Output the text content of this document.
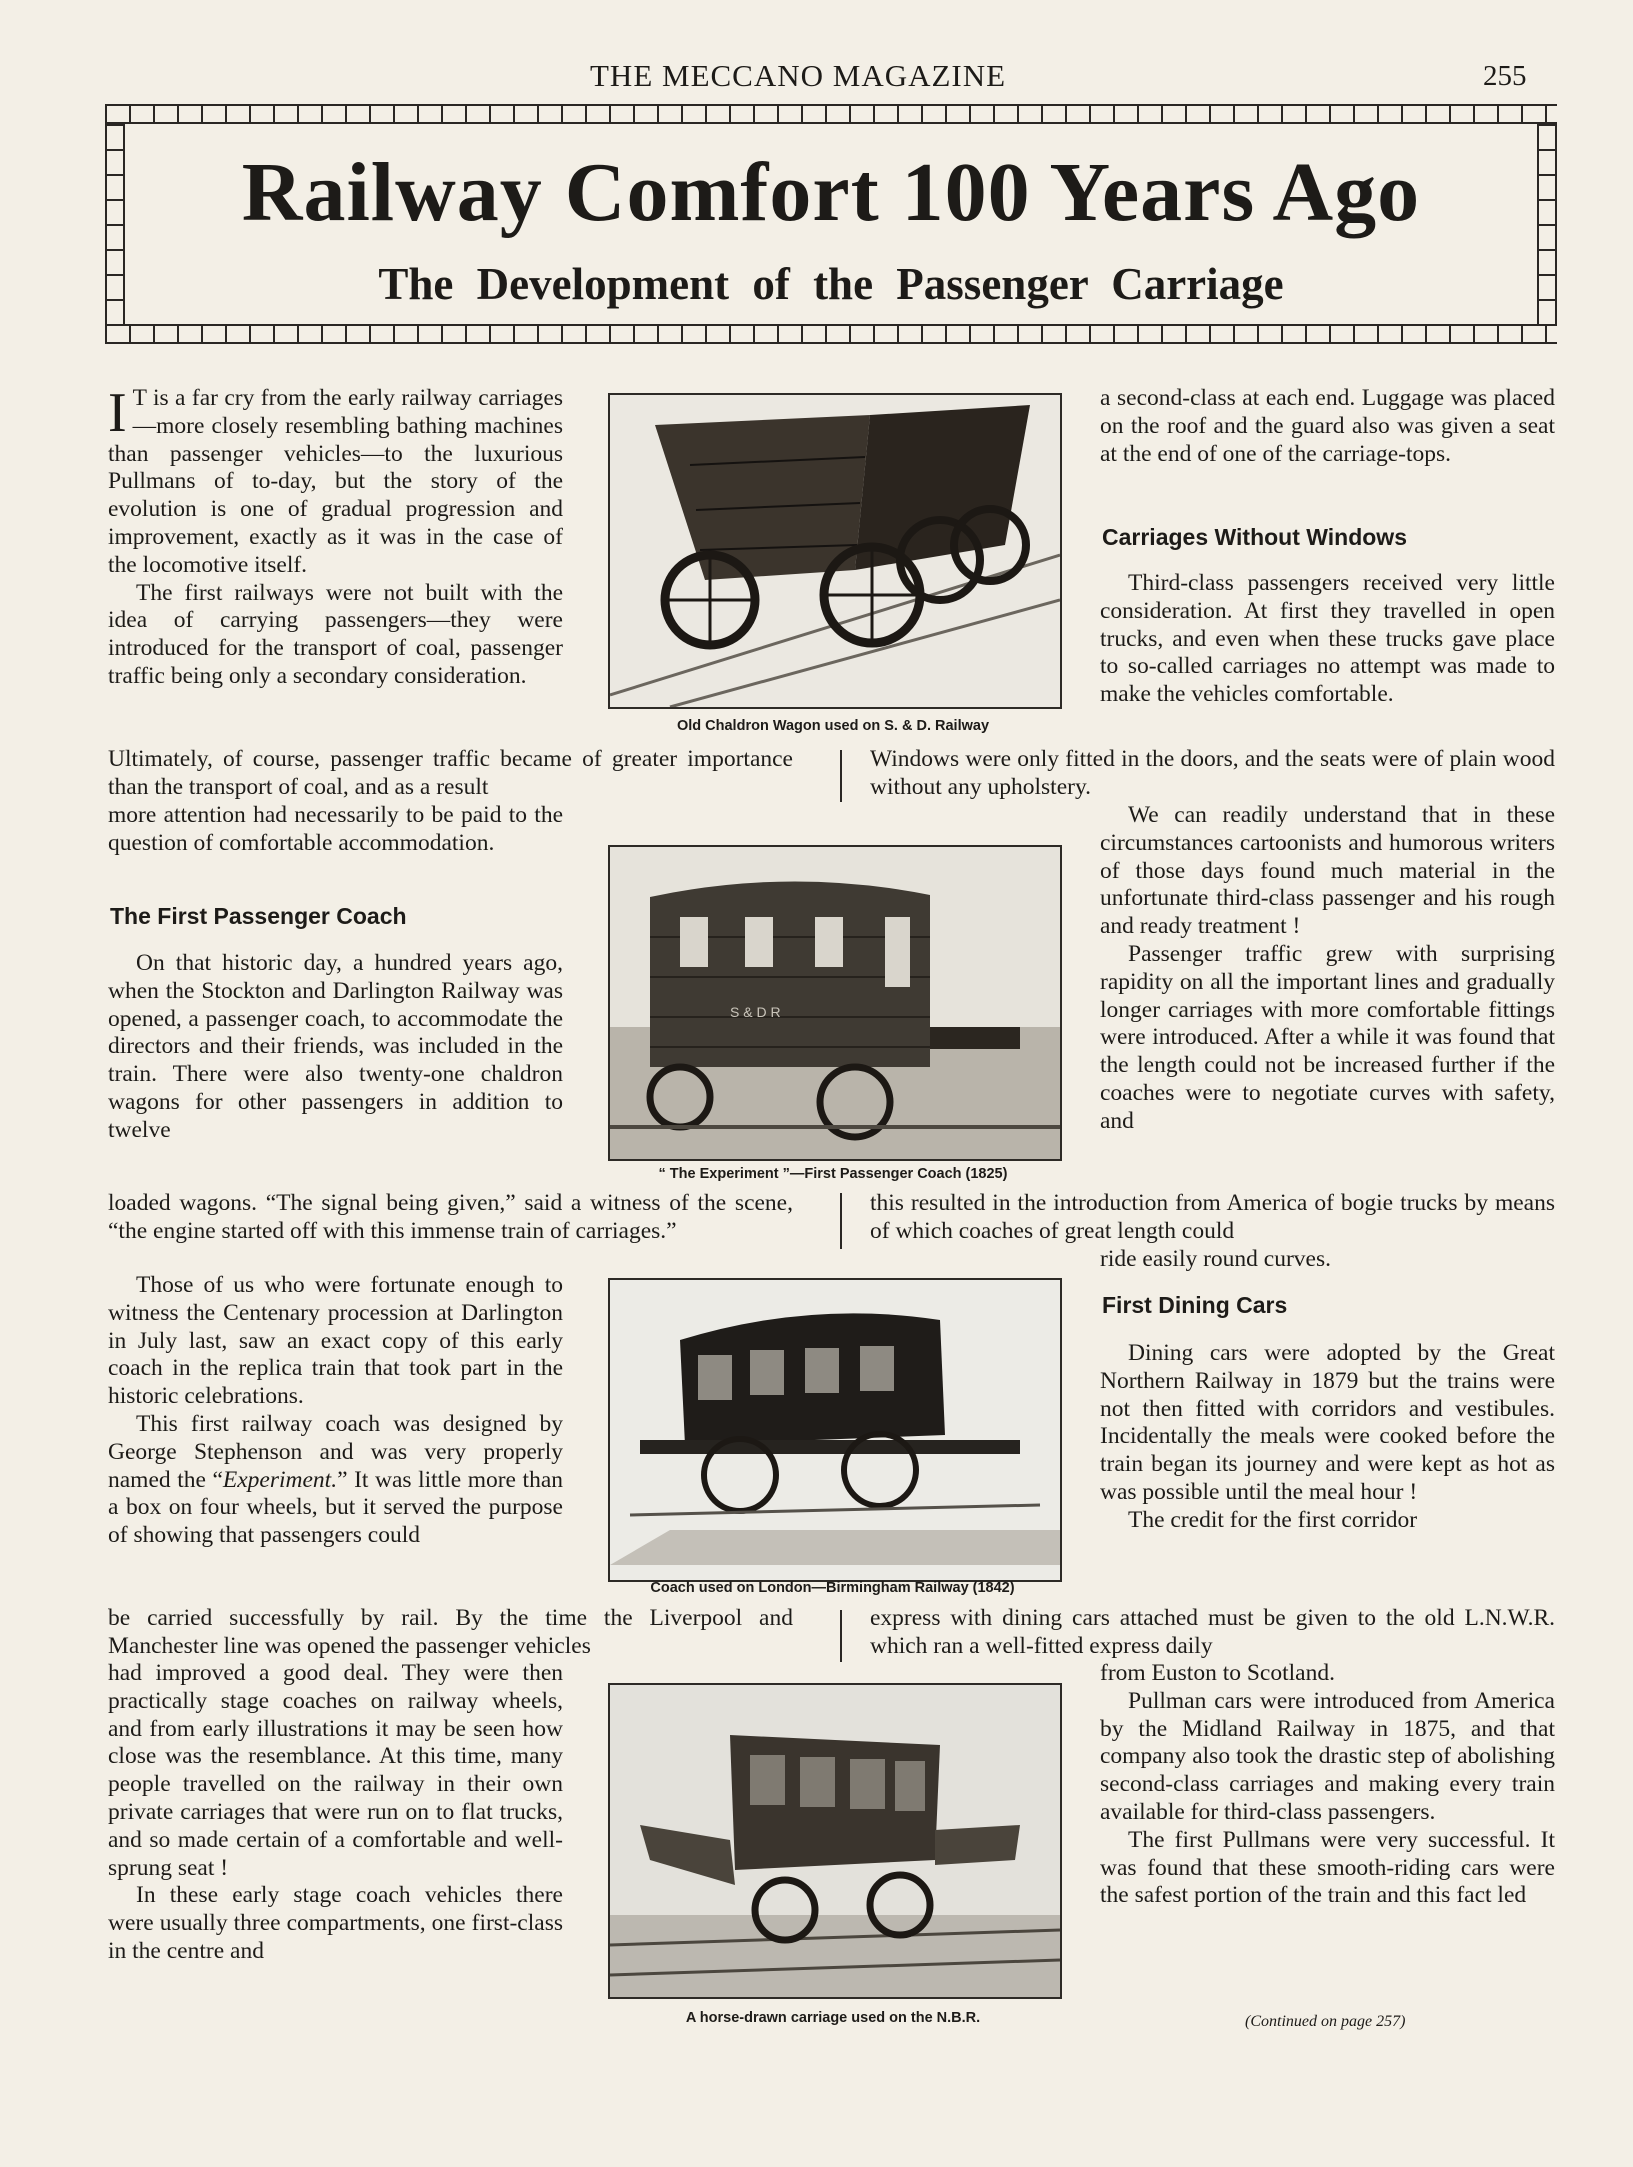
THE MECCANO MAGAZINE	255
Railway Comfort 100 Years Ago
The Development of the Passenger Carriage

I T is a far cry from the early railway carriages—more closely resembling bathing machines than passenger vehicles—to the luxurious Pullmans of to-day, but the story of the evolution is one of gradual progression and improvement, exactly as it was in the case of the locomotive itself.

The first railways were not built with the idea of carrying passengers—they were introduced for the transport of coal, passenger traffic being only a secondary consideration.

Ultimately, of course, passenger traffic became of greater importance than the transport of coal, and as a result

more attention had necessarily to be paid to the question of comfortable accommodation.

The First Passenger Coach

On that historic day, a hundred years ago, when the Stockton and Darlington Railway was opened, a passenger coach, to accommodate the directors and their friends, was included in the train. There were also twenty-one chaldron wagons for other passengers in addition to twelve

loaded wagons. “The signal being given,” said a witness of the scene, “the engine started off with this immense train of carriages.”

Those of us who were fortunate enough to witness the Centenary procession at Darlington in July last, saw an exact copy of this early coach in the replica train that took part in the historic celebrations.

This first railway coach was designed by George Stephenson and was very properly named the “Experiment.” It was little more than a box on four wheels, but it served the purpose of showing that passengers could

be carried successfully by rail. By the time the Liverpool and Manchester line was opened the passenger vehicles

had improved a good deal. They were then practically stage coaches on railway wheels, and from early illustrations it may be seen how close was the resemblance. At this time, many people travelled on the railway in their own private carriages that were run on to flat trucks, and so made certain of a comfortable and well-sprung seat !

In these early stage coach vehicles there were usually three compartments, one first-class in the centre and

a second-class at each end. Luggage was placed on the roof and the guard also was given a seat at the end of one of the carriage-tops.

Carriages Without Windows

Third-class passengers received very little consideration. At first they travelled in open trucks, and even when these trucks gave place to so-called carriages no attempt was made to make the vehicles comfortable.

Windows were only fitted in the doors, and the seats were of plain wood without any upholstery.

We can readily understand that in these circumstances cartoonists and humorous writers of those days found much material in the unfortunate third-class passenger and his rough and ready treatment !

Passenger traffic grew with surprising rapidity on all the important lines and gradually longer carriages with more comfortable fittings were introduced. After a while it was found that the length could not be increased further if the coaches were to negotiate curves with safety, and

this resulted in the introduction from America of bogie trucks by means of which coaches of great length could

ride easily round curves.

First Dining Cars

Dining cars were adopted by the Great Northern Railway in 1879 but the trains were not then fitted with corridors and vestibules. Incidentally the meals were cooked before the train began its journey and were kept as hot as was possible until the meal hour !

The credit for the first corridor

express with dining cars attached must be given to the old L.N.W.R. which ran a well-fitted express daily

from Euston to Scotland.

Pullman cars were introduced from America by the Midland Railway in 1875, and that company also took the drastic step of abolishing second-class carriages and making every train available for third-class passengers.

The first Pullmans were very successful. It was found that these smooth-riding cars were the safest portion of the train and this fact led

(Continued on page 257)
Old Chaldron Wagon used on S. & D. Railway
S & D R
“ The Experiment ”—First Passenger Coach (1825)
Coach used on London—Birmingham Railway (1842)
A horse-drawn carriage used on the N.B.R.
